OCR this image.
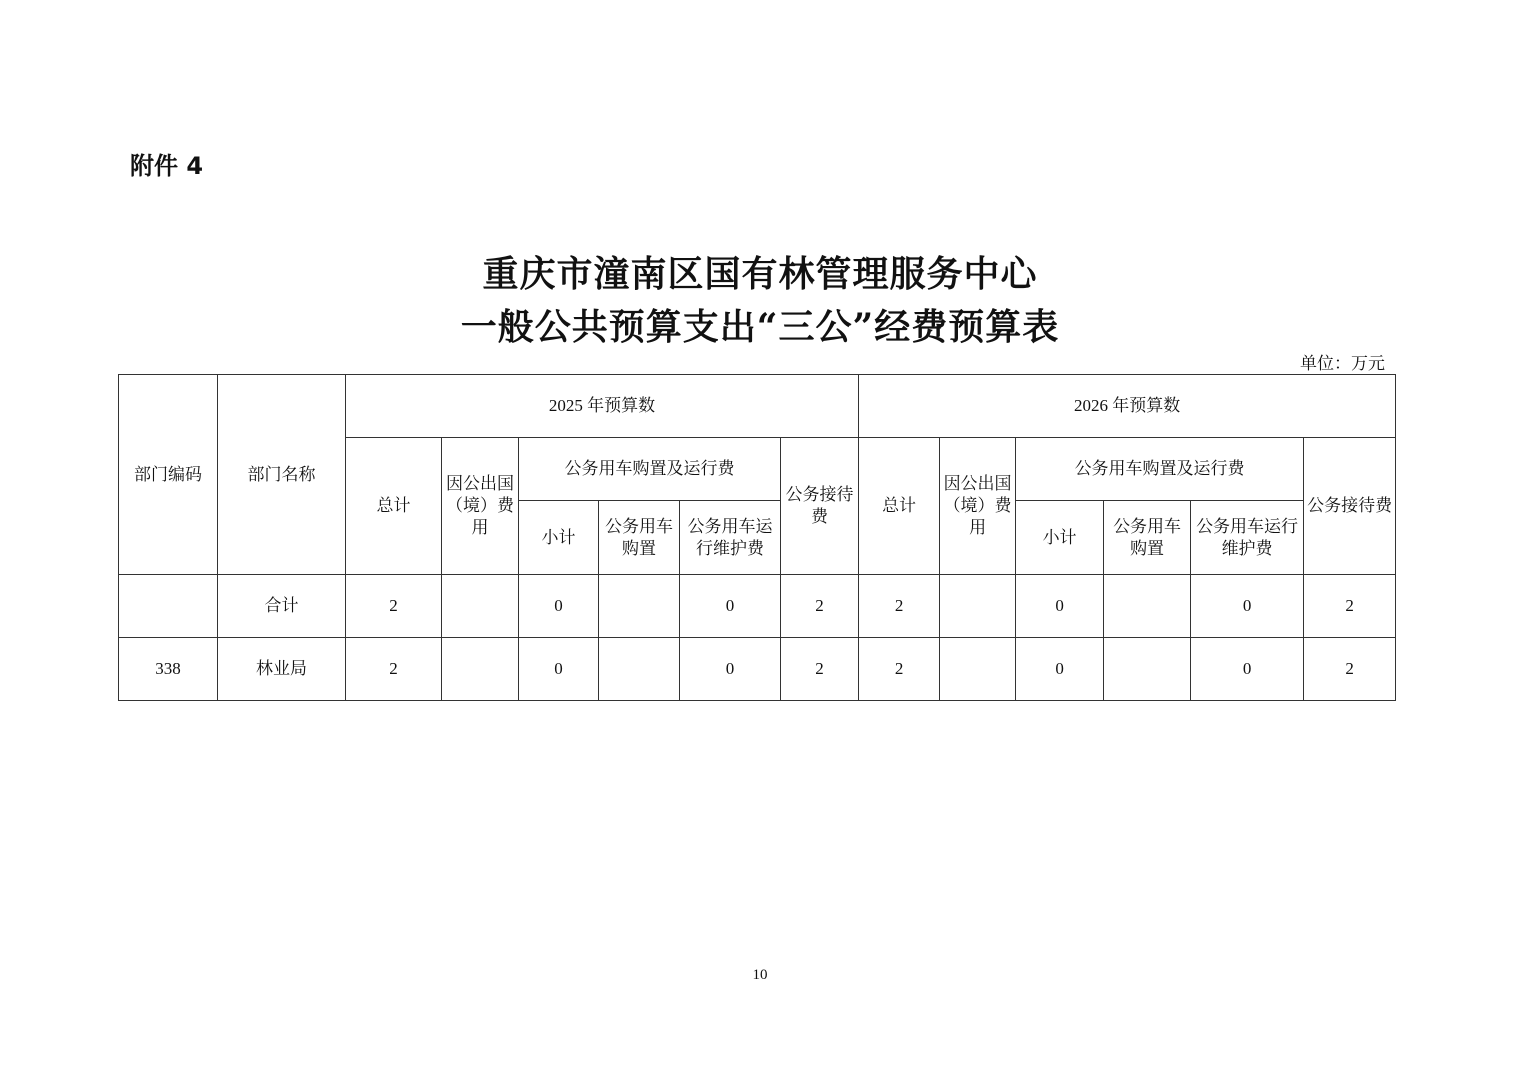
附件 4
重庆市潼南区国有林管理服务中心
一般公共预算支出“三公”经费预算表
单位：万元
部门编码	部门名称	2025 年预算数						2026 年预算数					
		总计	因公出国（境）费用	公务用车购置及运行费			公务接待费	总计	因公出国（境）费用	公务用车购置及运行费			公务接待费
				小计	公务用车购置	公务用车运行维护费				小计	公务用车购置	公务用车运行维护费	
	合计	2		0		0	2	2		0		0	2
338	林业局	2		0		0	2	2		0		0	2
10
